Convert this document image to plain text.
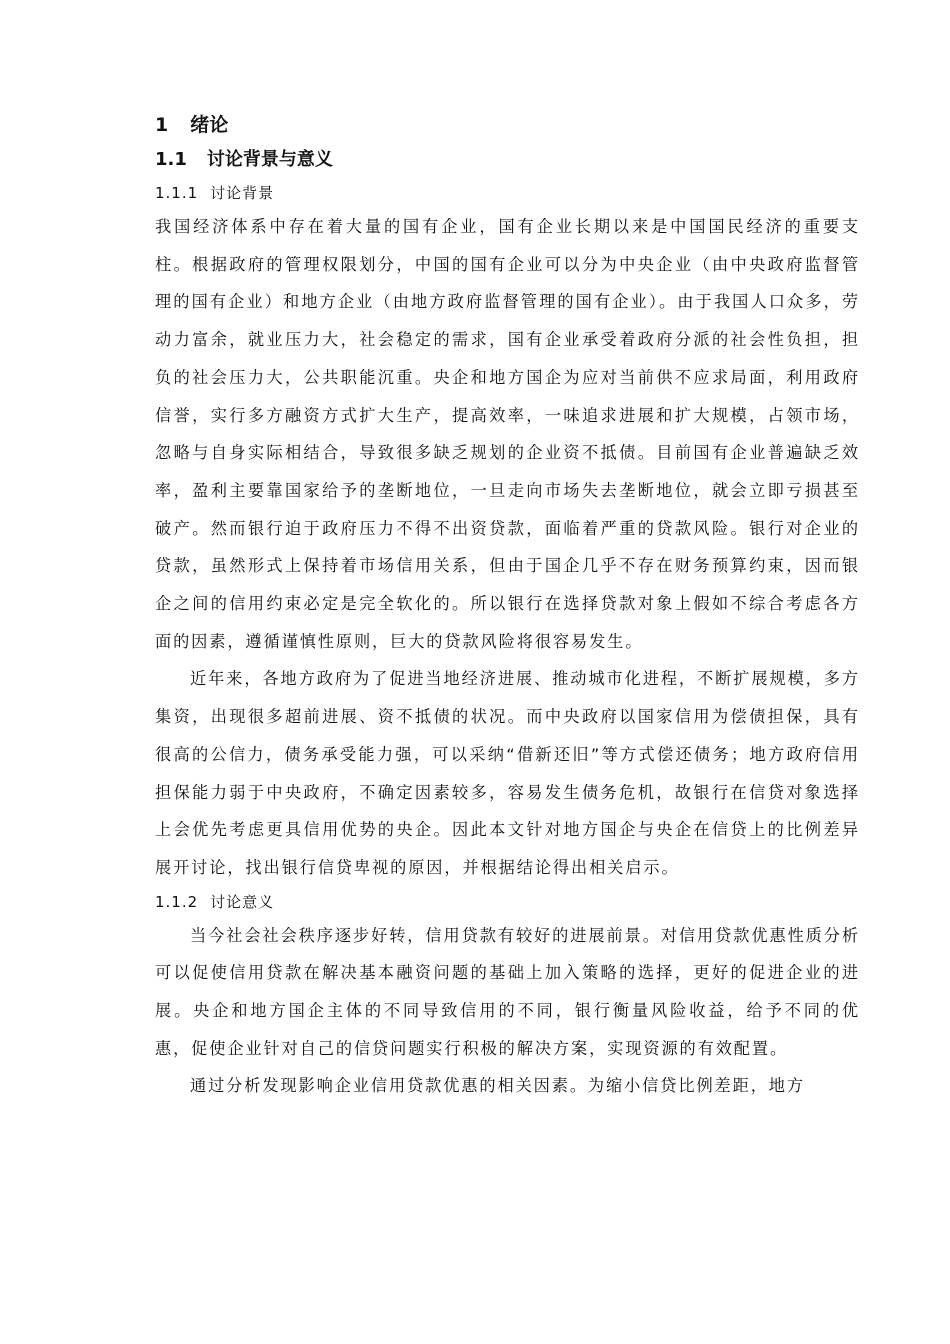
1 绪论
1.1 讨论背景与意义
1.1.1 讨论背景

我国经济体系中存在着大量的国有企业，国有企业长期以来是中国国民经济的重要支柱。根据政府的管理权限划分，中国的国有企业可以分为中央企业（由中央政府监督管理的国有企业）和地方企业（由地方政府监督管理的国有企业）。由于我国人口众多，劳动力富余，就业压力大，社会稳定的需求，国有企业承受着政府分派的社会性负担，担负的社会压力大，公共职能沉重。央企和地方国企为应对当前供不应求局面，利用政府信誉，实行多方融资方式扩大生产，提高效率，一味追求进展和扩大规模，占领市场，忽略与自身实际相结合，导致很多缺乏规划的企业资不抵债。目前国有企业普遍缺乏效率，盈利主要靠国家给予的垄断地位，一旦走向市场失去垄断地位，就会立即亏损甚至破产。然而银行迫于政府压力不得不出资贷款，面临着严重的贷款风险。银行对企业的贷款，虽然形式上保持着市场信用关系，但由于国企几乎不存在财务预算约束，因而银企之间的信用约束必定是完全软化的。所以银行在选择贷款对象上假如不综合考虑各方面的因素，遵循谨慎性原则，巨大的贷款风险将很容易发生。

近年来，各地方政府为了促进当地经济进展、推动城市化进程，不断扩展规模，多方集资，出现很多超前进展、资不抵债的状况。而中央政府以国家信用为偿债担保，具有很高的公信力，债务承受能力强，可以采纳“借新还旧”等方式偿还债务；地方政府信用担保能力弱于中央政府，不确定因素较多，容易发生债务危机，故银行在信贷对象选择上会优先考虑更具信用优势的央企。因此本文针对地方国企与央企在信贷上的比例差异展开讨论，找出银行信贷卑视的原因，并根据结论得出相关启示。

1.1.2 讨论意义

当今社会社会秩序逐步好转，信用贷款有较好的进展前景。对信用贷款优惠性质分析可以促使信用贷款在解决基本融资问题的基础上加入策略的选择，更好的促进企业的进展。央企和地方国企主体的不同导致信用的不同，银行衡量风险收益，给予不同的优惠，促使企业针对自己的信贷问题实行积极的解决方案，实现资源的有效配置。

通过分析发现影响企业信用贷款优惠的相关因素。为缩小信贷比例差距，地方
